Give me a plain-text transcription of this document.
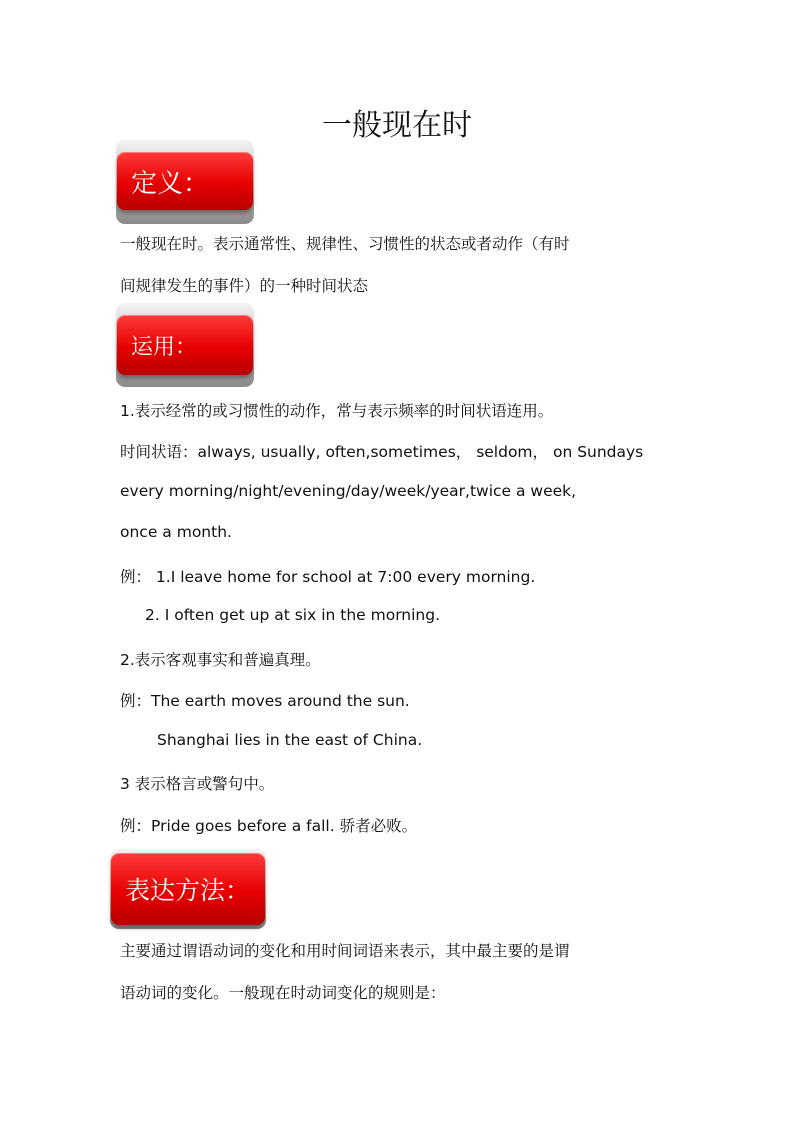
一般现在时
定义：
一般现在时。表示通常性、规律性、习惯性的状态或者动作（有时
间规律发生的事件）的一种时间状态
运用：
1.表示经常的或习惯性的动作，常与表示频率的时间状语连用。
时间状语：always, usually, often,sometimes， seldom， on Sundays
every morning/night/evening/day/week/year,twice a week,
once a month.
例： 1.I leave home for school at 7:00 every morning.
2. I often get up at six in the morning.
2.表示客观事实和普遍真理。
例：The earth moves around the sun.
Shanghai lies in the east of China.
3 表示格言或警句中。
例：Pride goes before a fall. 骄者必败。
表达方法：
主要通过谓语动词的变化和用时间词语来表示，其中最主要的是谓
语动词的变化。一般现在时动词变化的规则是：
